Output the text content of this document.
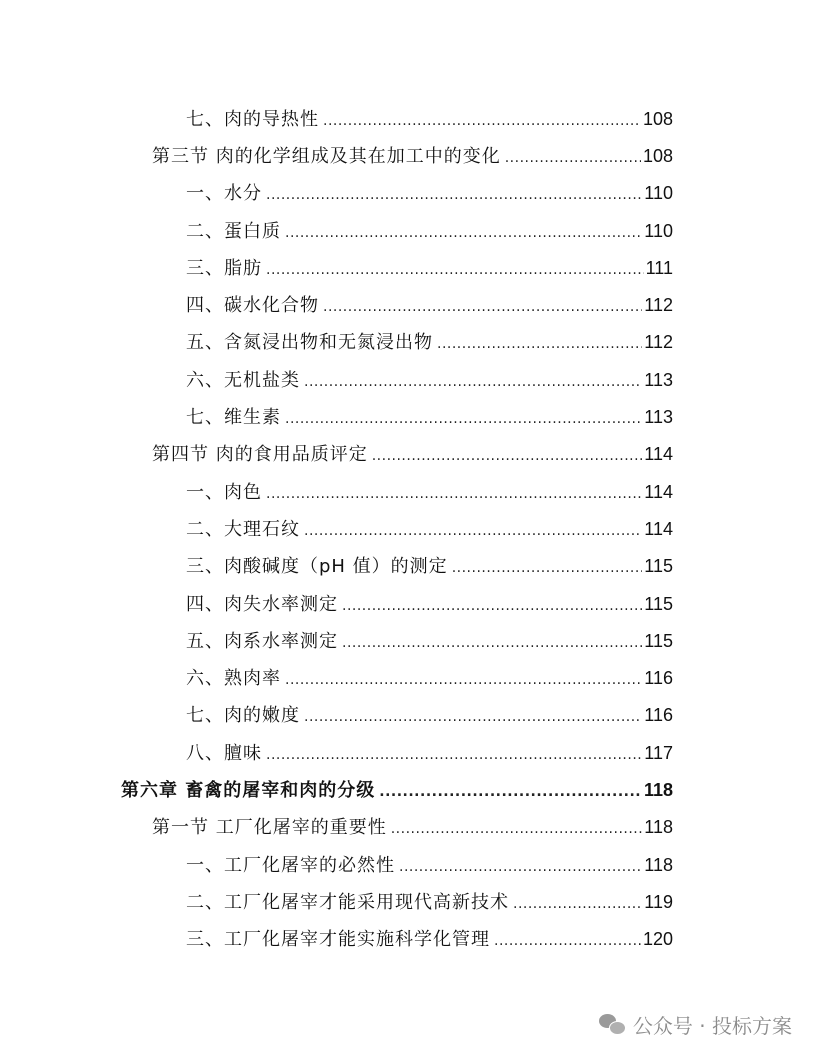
七、肉的导热性 .....	108
第三节 肉的化学组成及其在加工中的变化 .....	108
一、水分 .....	110
二、蛋白质 .....	110
三、脂肪 .....	111
四、碳水化合物 .....	112
五、含氮浸出物和无氮浸出物 .....	112
六、无机盐类 .....	113
七、维生素 .....	113
第四节 肉的食用品质评定 .....	114
一、肉色 .....	114
二、大理石纹 .....	114
三、肉酸碱度（pH 值）的测定 .....	115
四、肉失水率测定 .....	115
五、肉系水率测定 .....	115
六、熟肉率 .....	116
七、肉的嫩度 .....	116
八、膻味 .....	117
第六章 畜禽的屠宰和肉的分级 .....	118
第一节 工厂化屠宰的重要性 .....	118
一、工厂化屠宰的必然性 .....	118
二、工厂化屠宰才能采用现代高新技术 .....	119
三、工厂化屠宰才能实施科学化管理 .....	120
公众号 · 投标方案
